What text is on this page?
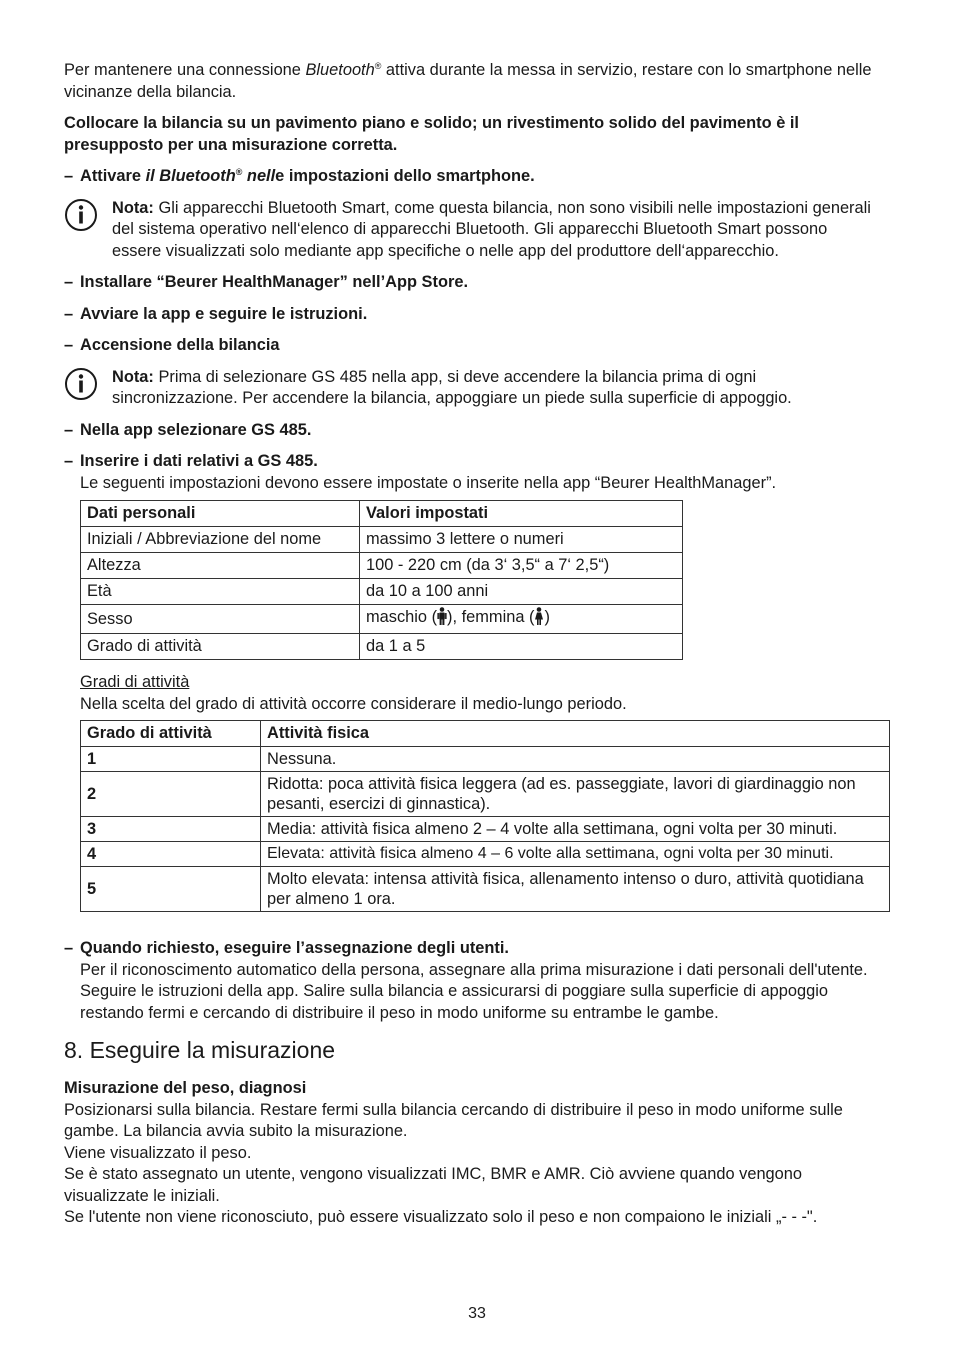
Per mantenere una connessione Bluetooth® attiva durante la messa in servizio, restare con lo smartphone nelle vicinanze della bilancia.

Collocare la bilancia su un pavimento piano e solido; un rivestimento solido del pavimento è il presupposto per una misurazione corretta.

– Attivare il Bluetooth® nelle impostazioni dello smartphone.

Nota: Gli apparecchi Bluetooth Smart, come questa bilancia, non sono visibili nelle impostazioni generali del sistema operativo nell‘elenco di apparecchi Bluetooth. Gli apparecchi Bluetooth Smart possono essere visualizzati solo mediante app specifiche o nelle app del produttore dell‘apparecchio.

– Installare “Beurer HealthManager” nell’App Store.
– Avviare la app e seguire le istruzioni.
– Accensione della bilancia

Nota: Prima di selezionare GS 485 nella app, si deve accendere la bilancia prima di ogni sincronizzazione. Per accendere la bilancia, appoggiare un piede sulla superficie di appoggio.

– Nella app selezionare GS 485.
– Inserire i dati relativi a GS 485.

Le seguenti impostazioni devono essere impostate o inserite nella app “Beurer HealthManager”.

Dati personali	Valori impostati
Iniziali / Abbreviazione del nome	massimo 3 lettere o numeri
Altezza	100 - 220 cm (da 3‘ 3,5“ a 7‘ 2,5“)
Età	da 10 a 100 anni
Sesso	maschio ( ), femmina ( )
Grado di attività	da 1 a 5

Gradi di attività

Nella scelta del grado di attività occorre considerare il medio-lungo periodo.

Grado di attività	Attività fisica
1	Nessuna.
2	Ridotta: poca attività fisica leggera (ad es. passeggiate, lavori di giardinaggio non pesanti, esercizi di ginnastica).
3	Media: attività fisica almeno 2 – 4 volte alla settimana, ogni volta per 30 minuti.
4	Elevata: attività fisica almeno 4 – 6 volte alla settimana, ogni volta per 30 minuti.
5	Molto elevata: intensa attività fisica, allenamento intenso o duro, attività quotidiana per almeno 1 ora.
– Quando richiesto, eseguire l’assegnazione degli utenti.

Per il riconoscimento automatico della persona, assegnare alla prima misurazione i dati personali dell'utente. Seguire le istruzioni della app. Salire sulla bilancia e assicurarsi di poggiare sulla superficie di appoggio restando fermi e cercando di distribuire il peso in modo uniforme su entrambe le gambe.

8. Eseguire la misurazione

Misurazione del peso, diagnosi

Posizionarsi sulla bilancia. Restare fermi sulla bilancia cercando di distribuire il peso in modo uniforme sulle gambe. La bilancia avvia subito la misurazione.

Viene visualizzato il peso.

Se è stato assegnato un utente, vengono visualizzati IMC, BMR e AMR. Ciò avviene quando vengono visualizzate le iniziali.

Se l'utente non viene riconosciuto, può essere visualizzato solo il peso e non compaiono le iniziali „- - -".

33
